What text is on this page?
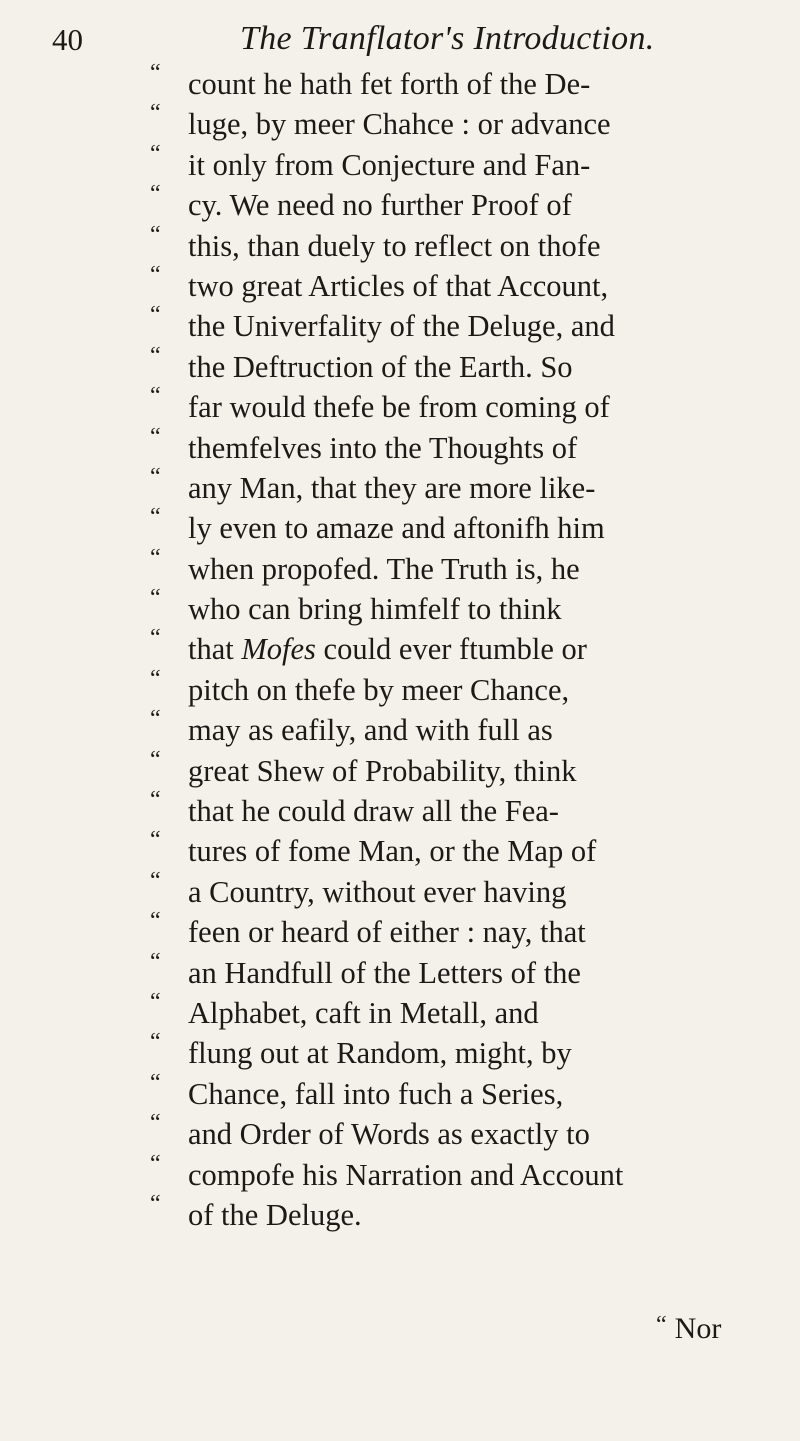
40	The Tranflator's Introduction.
“ count he hath fet forth of the De-
“ luge, by meer Chahce : or advance
“ it only from Conjecture and Fan-
“ cy. We need no further Proof of
“ this, than duely to reflect on thofe
“ two great Articles of that Account,
“ the Univerfality of the Deluge, and
“ the Deftruction of the Earth. So
“ far would thefe be from coming of
“ themfelves into the Thoughts of
“ any Man, that they are more like-
“ ly even to amaze and aftonifh him
“ when propofed. The Truth is, he
“ who can bring himfelf to think
“ that Mofes could ever ftumble or
“ pitch on thefe by meer Chance,
“ may as eafily, and with full as
“ great Shew of Probability, think
“ that he could draw all the Fea-
“ tures of fome Man, or the Map of
“ a Country, without ever having
“ feen or heard of either : nay, that
“ an Handfull of the Letters of the
“ Alphabet, caft in Metall, and
“ flung out at Random, might, by
“ Chance, fall into fuch a Series,
“ and Order of Words as exactly to
“ compofe his Narration and Account
“ of the Deluge.
“ Nor
